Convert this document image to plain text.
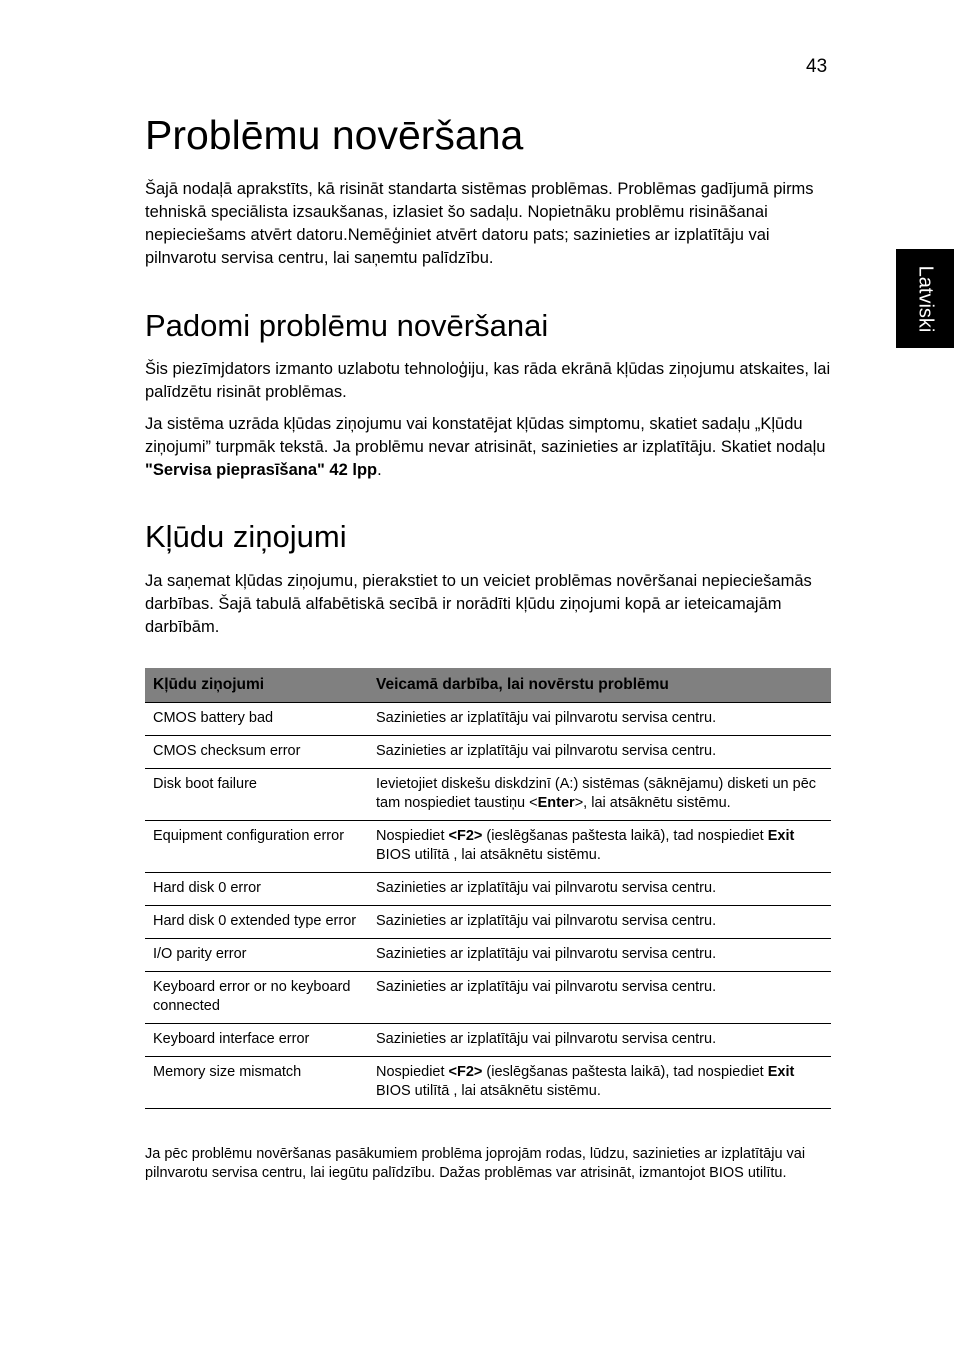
43
Latviski
Problēmu novēršana

Šajā nodaļā aprakstīts, kā risināt standarta sistēmas problēmas. Problēmas gadījumā pirms tehniskā speciālista izsaukšanas, izlasiet šo sadaļu. Nopietnāku problēmu risināšanai nepieciešams atvērt datoru.Nemēģiniet atvērt datoru pats; sazinieties ar izplatītāju vai pilnvarotu servisa centru, lai saņemtu palīdzību.

Padomi problēmu novēršanai

Šis piezīmjdators izmanto uzlabotu tehnoloģiju, kas rāda ekrānā kļūdas ziņojumu atskaites, lai palīdzētu risināt problēmas.

Ja sistēma uzrāda kļūdas ziņojumu vai konstatējat kļūdas simptomu, skatiet sadaļu „Kļūdu ziņojumi” turpmāk tekstā. Ja problēmu nevar atrisināt, sazinieties ar izplatītāju. Skatiet nodaļu "Servisa pieprasīšana" 42 lpp.

Kļūdu ziņojumi

Ja saņemat kļūdas ziņojumu, pierakstiet to un veiciet problēmas novēršanai nepieciešamās darbības. Šajā tabulā alfabētiskā secībā ir norādīti kļūdu ziņojumi kopā ar ieteicamajām darbībām.

Kļūdu ziņojumi	Veicamā darbība, lai novērstu problēmu
CMOS battery bad	Sazinieties ar izplatītāju vai pilnvarotu servisa centru.
CMOS checksum error	Sazinieties ar izplatītāju vai pilnvarotu servisa centru.
Disk boot failure	Ievietojiet diskešu diskdzinī (A:) sistēmas (sāknējamu) disketi un pēc tam nospiediet taustiņu <Enter>, lai atsāknētu sistēmu.
Equipment configuration error	Nospiediet <F2> (ieslēgšanas paštesta laikā), tad nospiediet Exit BIOS utilītā , lai atsāknētu sistēmu.
Hard disk 0 error	Sazinieties ar izplatītāju vai pilnvarotu servisa centru.
Hard disk 0 extended type error	Sazinieties ar izplatītāju vai pilnvarotu servisa centru.
I/O parity error	Sazinieties ar izplatītāju vai pilnvarotu servisa centru.
Keyboard error or no keyboard connected	Sazinieties ar izplatītāju vai pilnvarotu servisa centru.
Keyboard interface error	Sazinieties ar izplatītāju vai pilnvarotu servisa centru.
Memory size mismatch	Nospiediet <F2> (ieslēgšanas paštesta laikā), tad nospiediet Exit BIOS utilītā , lai atsāknētu sistēmu.

Ja pēc problēmu novēršanas pasākumiem problēma joprojām rodas, lūdzu, sazinieties ar izplatītāju vai pilnvarotu servisa centru, lai iegūtu palīdzību. Dažas problēmas var atrisināt, izmantojot BIOS utilītu.
